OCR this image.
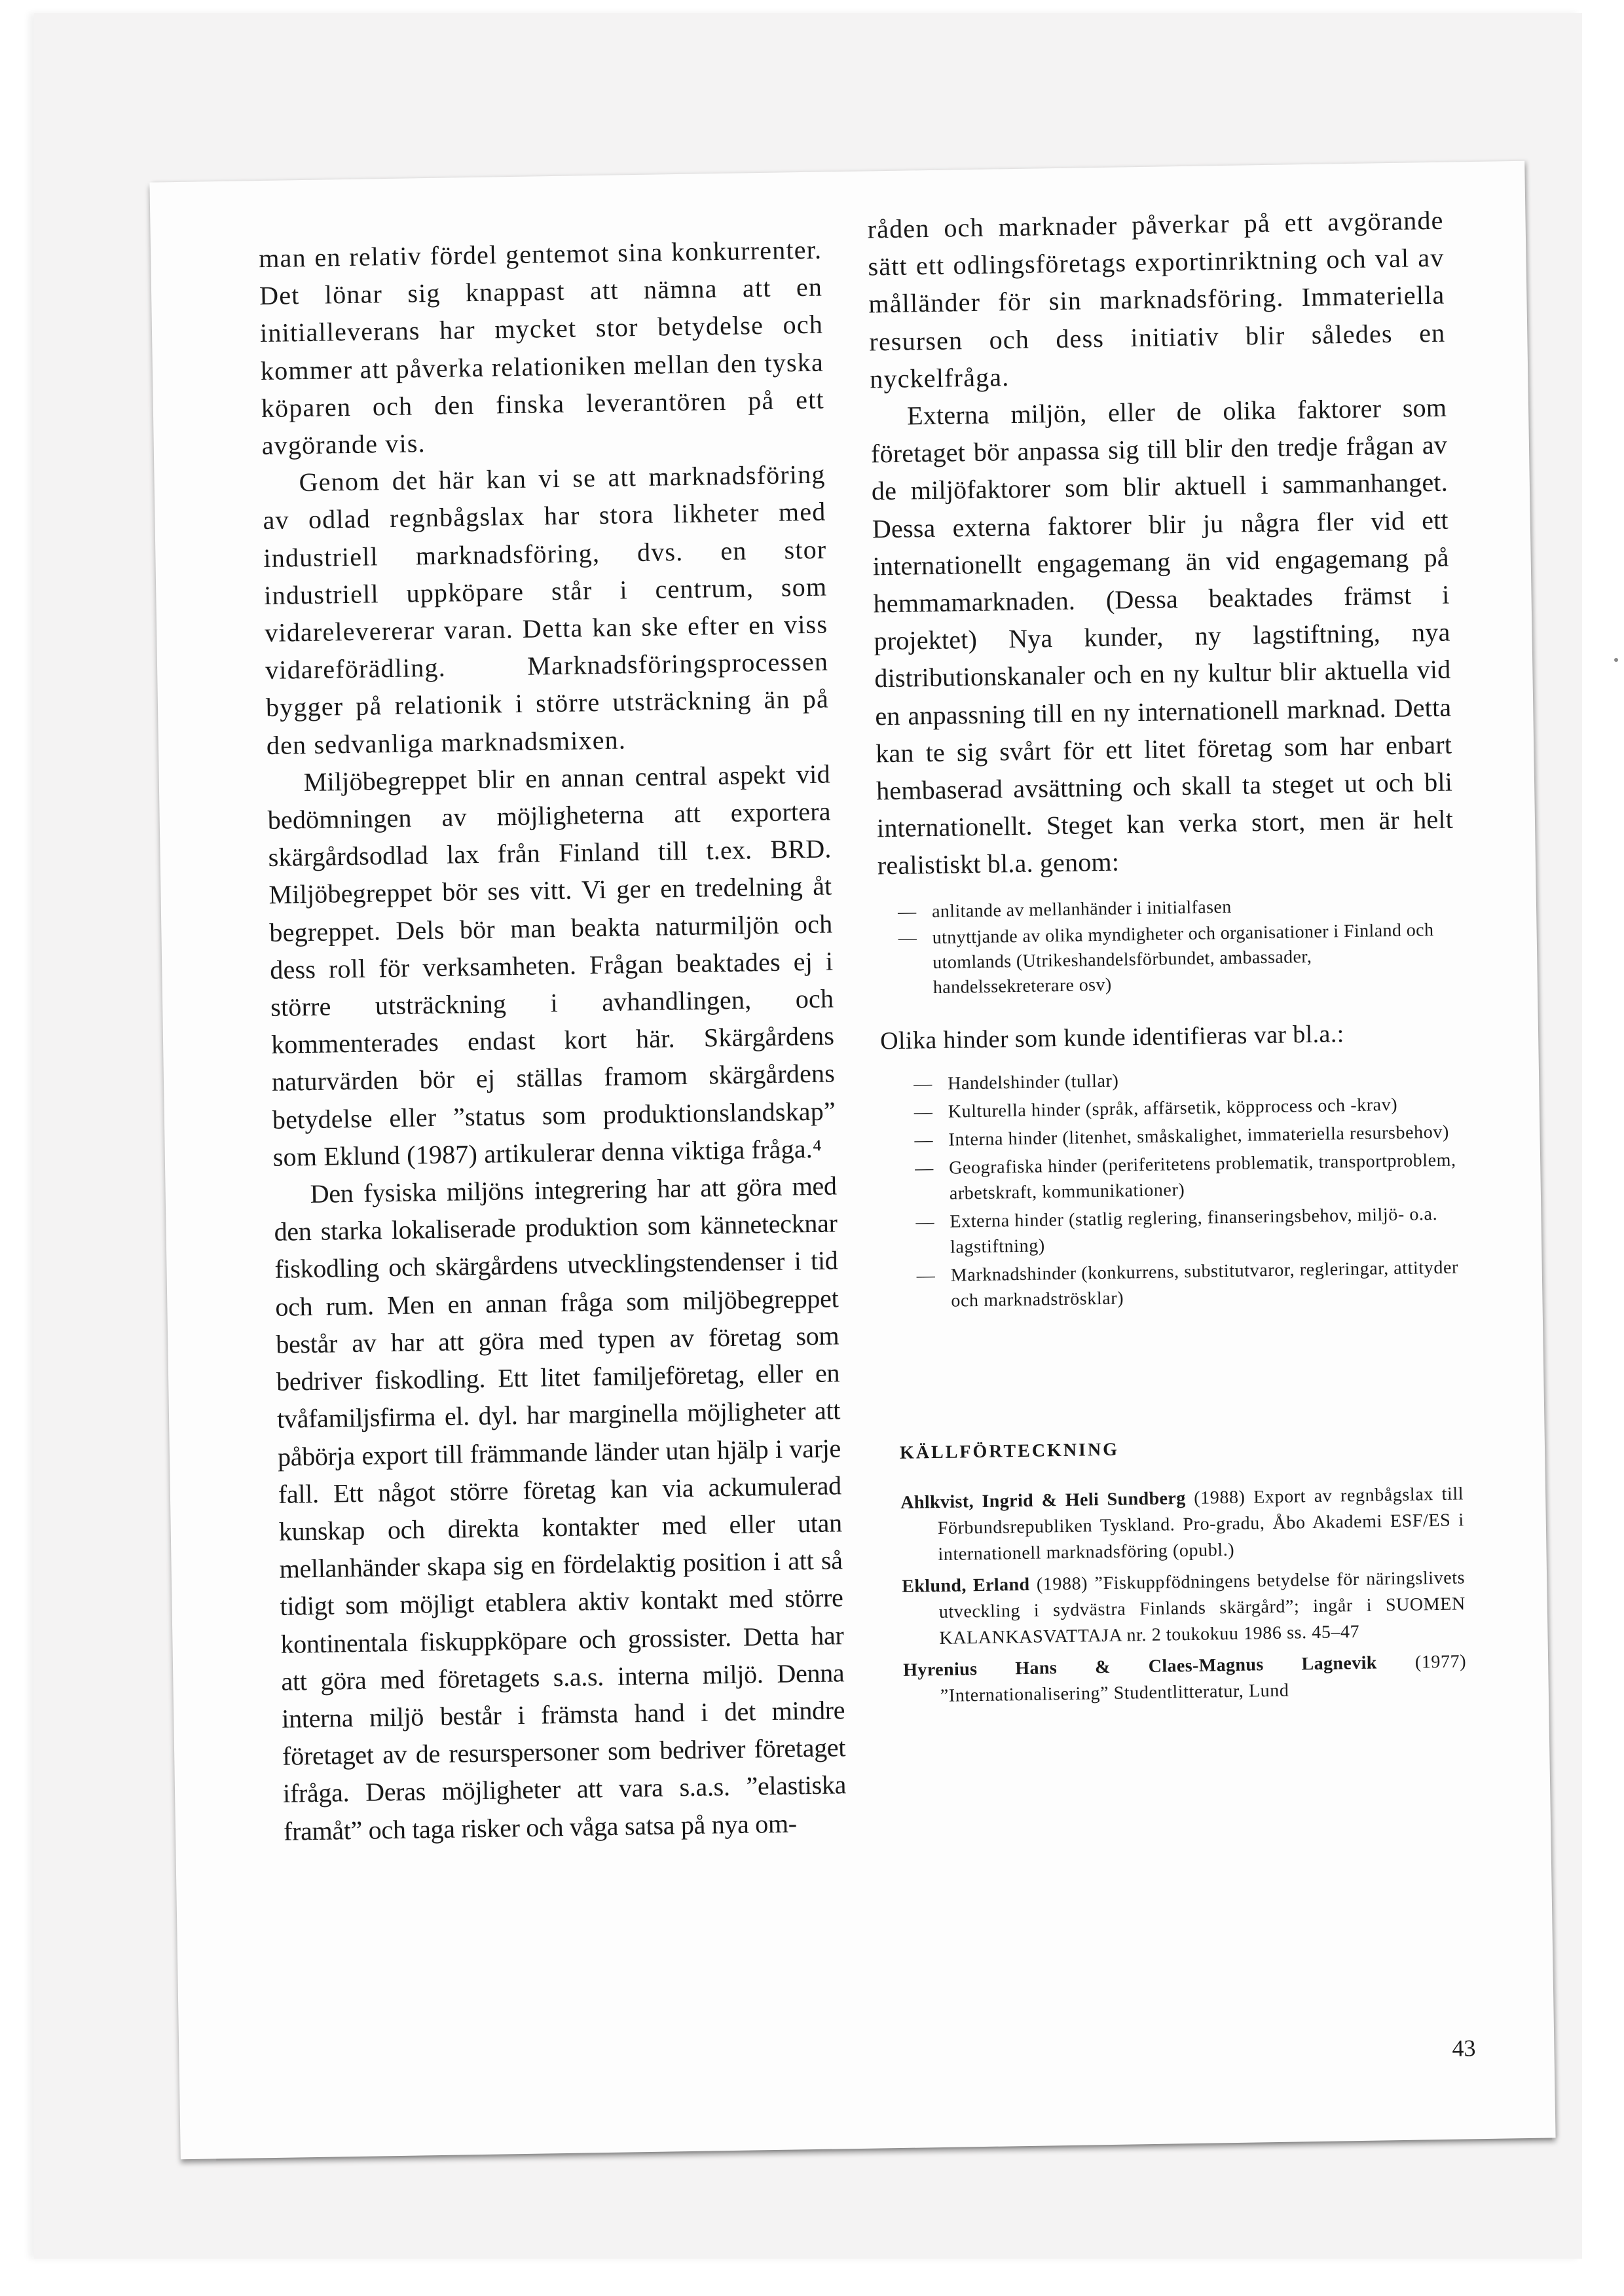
man en relativ fördel gentemot sina konkurrenter. Det lönar sig knappast att nämna att en initialleverans har mycket stor betydelse och kommer att påverka relationiken mellan den tyska köparen och den finska leverantören på ett avgörande vis.

Genom det här kan vi se att marknadsföring av odlad regnbågslax har stora likheter med industriell marknadsföring, dvs. en stor industriell uppköpare står i centrum, som vidarelevererar varan. Detta kan ske efter en viss vidareförädling. Marknadsföringsprocessen bygger på relationik i större utsträckning än på den sedvanliga marknadsmixen.

Miljöbegreppet blir en annan central aspekt vid bedömningen av möjligheterna att exportera skärgårdsodlad lax från Finland till t.ex. BRD. Miljöbegreppet bör ses vitt. Vi ger en tredelning åt begreppet. Dels bör man beakta naturmiljön och dess roll för verksamheten. Frågan beaktades ej i större utsträckning i avhandlingen, och kommenterades endast kort här. Skärgårdens naturvärden bör ej ställas framom skärgårdens betydelse eller ”status som produktionslandskap” som Eklund (1987) artikulerar denna viktiga fråga.⁴

Den fysiska miljöns integrering har att göra med den starka lokaliserade produktion som kännetecknar fiskodling och skärgårdens utvecklingstendenser i tid och rum. Men en annan fråga som miljöbegreppet består av har att göra med typen av företag som bedriver fiskodling. Ett litet familjeföretag, eller en tvåfamiljsfirma el. dyl. har marginella möjligheter att påbörja export till främmande länder utan hjälp i varje fall. Ett något större företag kan via ackumulerad kunskap och direkta kontakter med eller utan mellanhänder skapa sig en fördelaktig position i att så tidigt som möjligt etablera aktiv kontakt med större kontinentala fiskuppköpare och grossister. Detta har att göra med företagets s.a.s. interna miljö. Denna interna miljö består i främsta hand i det mindre företaget av de resurspersoner som bedriver företaget ifråga. Deras möjligheter att vara s.a.s. ”elastiska framåt” och taga risker och våga satsa på nya om-

råden och marknader påverkar på ett avgörande sätt ett odlingsföretags exportinriktning och val av målländer för sin marknadsföring. Immateriella resursen och dess initiativ blir således en nyckelfråga.

Externa miljön, eller de olika faktorer som företaget bör anpassa sig till blir den tredje frågan av de miljöfaktorer som blir aktuell i sammanhanget. Dessa externa faktorer blir ju några fler vid ett internationellt engagemang än vid engagemang på hemmamarknaden. (Dessa beaktades främst i projektet) Nya kunder, ny lagstiftning, nya distributionskanaler och en ny kultur blir aktuella vid en anpassning till en ny internationell marknad. Detta kan te sig svårt för ett litet företag som har enbart hembaserad avsättning och skall ta steget ut och bli internationellt. Steget kan verka stort, men är helt realistiskt bl.a. genom:

— anlitande av mellanhänder i initialfasen
— utnyttjande av olika myndigheter och organisationer i Finland och utomlands (Utrikeshandelsförbundet, ambassader, handelssekreterare osv)
Olika hinder som kunde identifieras var bl.a.:
— Handelshinder (tullar)
— Kulturella hinder (språk, affärsetik, köpprocess och -krav)
— Interna hinder (litenhet, småskalighet, immateriella resursbehov)
— Geografiska hinder (periferitetens problematik, transportproblem, arbetskraft, kommunikationer)
— Externa hinder (statlig reglering, finanseringsbehov, miljö- o.a. lagstiftning)
— Marknadshinder (konkurrens, substitutvaror, regleringar, attityder och marknadströsklar)
KÄLLFÖRTECKNING
Ahlkvist, Ingrid & Heli Sundberg (1988) Export av regnbågslax till Förbundsrepubliken Tyskland. Pro-gradu, Åbo Akademi ESF/ES i internationell marknadsföring (opubl.)
Eklund, Erland (1988) ”Fiskuppfödningens betydelse för näringslivets utveckling i sydvästra Finlands skärgård”; ingår i SUOMEN KALANKASVATTAJA nr. 2 toukokuu 1986 ss. 45–47
Hyrenius Hans & Claes-Magnus Lagnevik (1977) ”Internationalisering” Studentlitteratur, Lund
43
